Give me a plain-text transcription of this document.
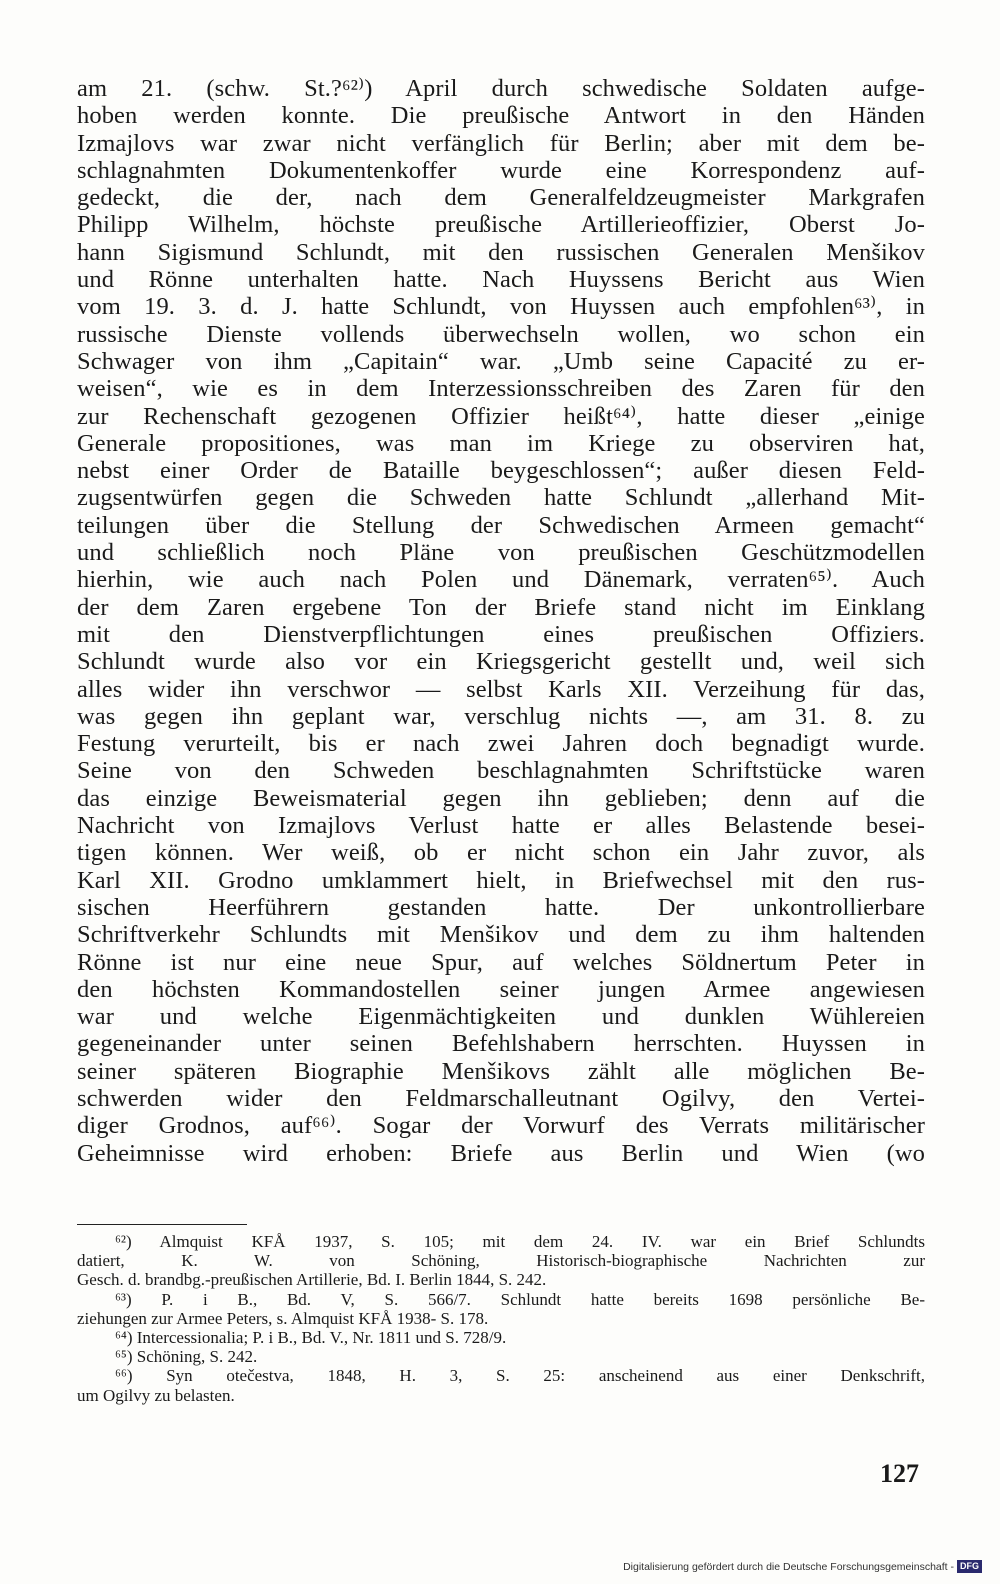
am 21. (schw. St.?⁶²⁾) April durch schwedische Soldaten aufge-
hoben werden konnte. Die preußische Antwort in den Händen
Izmajlovs war zwar nicht verfänglich für Berlin; aber mit dem be-
schlagnahmten Dokumentenkoffer wurde eine Korrespondenz auf-
gedeckt, die der, nach dem Generalfeldzeugmeister Markgrafen
Philipp Wilhelm, höchste preußische Artillerieoffizier, Oberst Jo-
hann Sigismund Schlundt, mit den russischen Generalen Menšikov
und Rönne unterhalten hatte. Nach Huyssens Bericht aus Wien
vom 19. 3. d. J. hatte Schlundt, von Huyssen auch empfohlen⁶³⁾, in
russische Dienste vollends überwechseln wollen, wo schon ein
Schwager von ihm „Capitain“ war. „Umb seine Capacité zu er-
weisen“, wie es in dem Interzessionsschreiben des Zaren für den
zur Rechenschaft gezogenen Offizier heißt⁶⁴⁾, hatte dieser „einige
Generale propositiones, was man im Kriege zu observiren hat,
nebst einer Order de Bataille beygeschlossen“; außer diesen Feld-
zugsentwürfen gegen die Schweden hatte Schlundt „allerhand Mit-
teilungen über die Stellung der Schwedischen Armeen gemacht“
und schließlich noch Pläne von preußischen Geschützmodellen
hierhin, wie auch nach Polen und Dänemark, verraten⁶⁵⁾. Auch
der dem Zaren ergebene Ton der Briefe stand nicht im Einklang
mit den Dienstverpflichtungen eines preußischen Offiziers.
Schlundt wurde also vor ein Kriegsgericht gestellt und, weil sich
alles wider ihn verschwor — selbst Karls XII. Verzeihung für das,
was gegen ihn geplant war, verschlug nichts —, am 31. 8. zu
Festung verurteilt, bis er nach zwei Jahren doch begnadigt wurde.
Seine von den Schweden beschlagnahmten Schriftstücke waren
das einzige Beweismaterial gegen ihn geblieben; denn auf die
Nachricht von Izmajlovs Verlust hatte er alles Belastende besei-
tigen können. Wer weiß, ob er nicht schon ein Jahr zuvor, als
Karl XII. Grodno umklammert hielt, in Briefwechsel mit den rus-
sischen Heerführern gestanden hatte. Der unkontrollierbare
Schriftverkehr Schlundts mit Menšikov und dem zu ihm haltenden
Rönne ist nur eine neue Spur, auf welches Söldnertum Peter in
den höchsten Kommandostellen seiner jungen Armee angewiesen
war und welche Eigenmächtigkeiten und dunklen Wühlereien
gegeneinander unter seinen Befehlshabern herrschten. Huyssen in
seiner späteren Biographie Menšikovs zählt alle möglichen Be-
schwerden wider den Feldmarschalleutnant Ogilvy, den Vertei-
diger Grodnos, auf⁶⁶⁾. Sogar der Vorwurf des Verrats militärischer
Geheimnisse wird erhoben: Briefe aus Berlin und Wien (wo
⁶²) Almquist KFÅ 1937, S. 105; mit dem 24. IV. war ein Brief Schlundts
datiert, K. W. von Schöning, Historisch-biographische Nachrichten zur
Gesch. d. brandbg.-preußischen Artillerie, Bd. I. Berlin 1844, S. 242.
⁶³) P. i B., Bd. V, S. 566/7. Schlundt hatte bereits 1698 persönliche Be-
ziehungen zur Armee Peters, s. Almquist KFÅ 1938- S. 178.
⁶⁴) Intercessionalia; P. i B., Bd. V., Nr. 1811 und S. 728/9.
⁶⁵) Schöning, S. 242.
⁶⁶) Syn otečestva, 1848, H. 3, S. 25: anscheinend aus einer Denkschrift,
um Ogilvy zu belasten.
127
Digitalisierung gefördert durch die Deutsche Forschungsgemeinschaft - DFG
